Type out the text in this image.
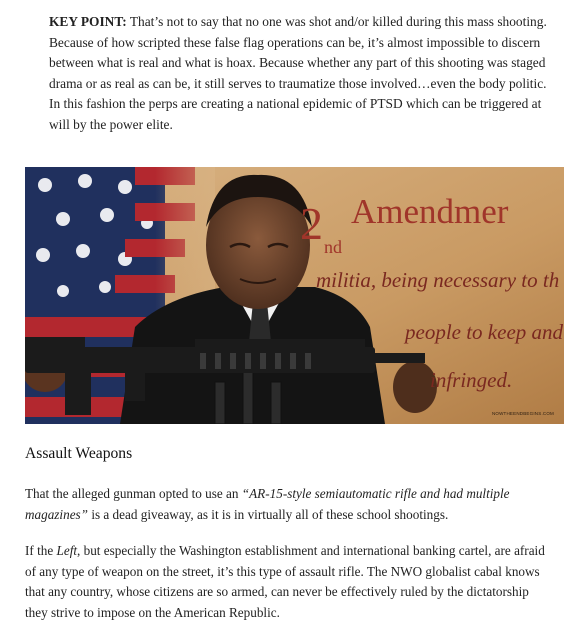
KEY POINT: That’s not to say that no one was shot and/or killed during this mass shooting. Because of how scripted these false flag operations can be, it’s almost impossible to discern between what is real and what is hoax. Because whether any part of this shooting was staged drama or as real as can be, it still serves to traumatize those involved…even the body politic. In this fashion the perps are creating a national epidemic of PTSD which can be triggered at will by the power elite.

2 nd
Amendmer
militia, being necessary to th
people to keep and
infringed.
NOWTHEENDBEGINS.COM
Assault Weapons

That the alleged gunman opted to use an “AR-15-style semiautomatic rifle and had multiple magazines” is a dead giveaway, as it is in virtually all of these school shootings.

If the Left, but especially the Washington establishment and international banking cartel, are afraid of any type of weapon on the street, it’s this type of assault rifle. The NWO globalist cabal knows that any country, whose citizens are so armed, can never be effectively ruled by the dictatorship they strive to impose on the American Republic.
